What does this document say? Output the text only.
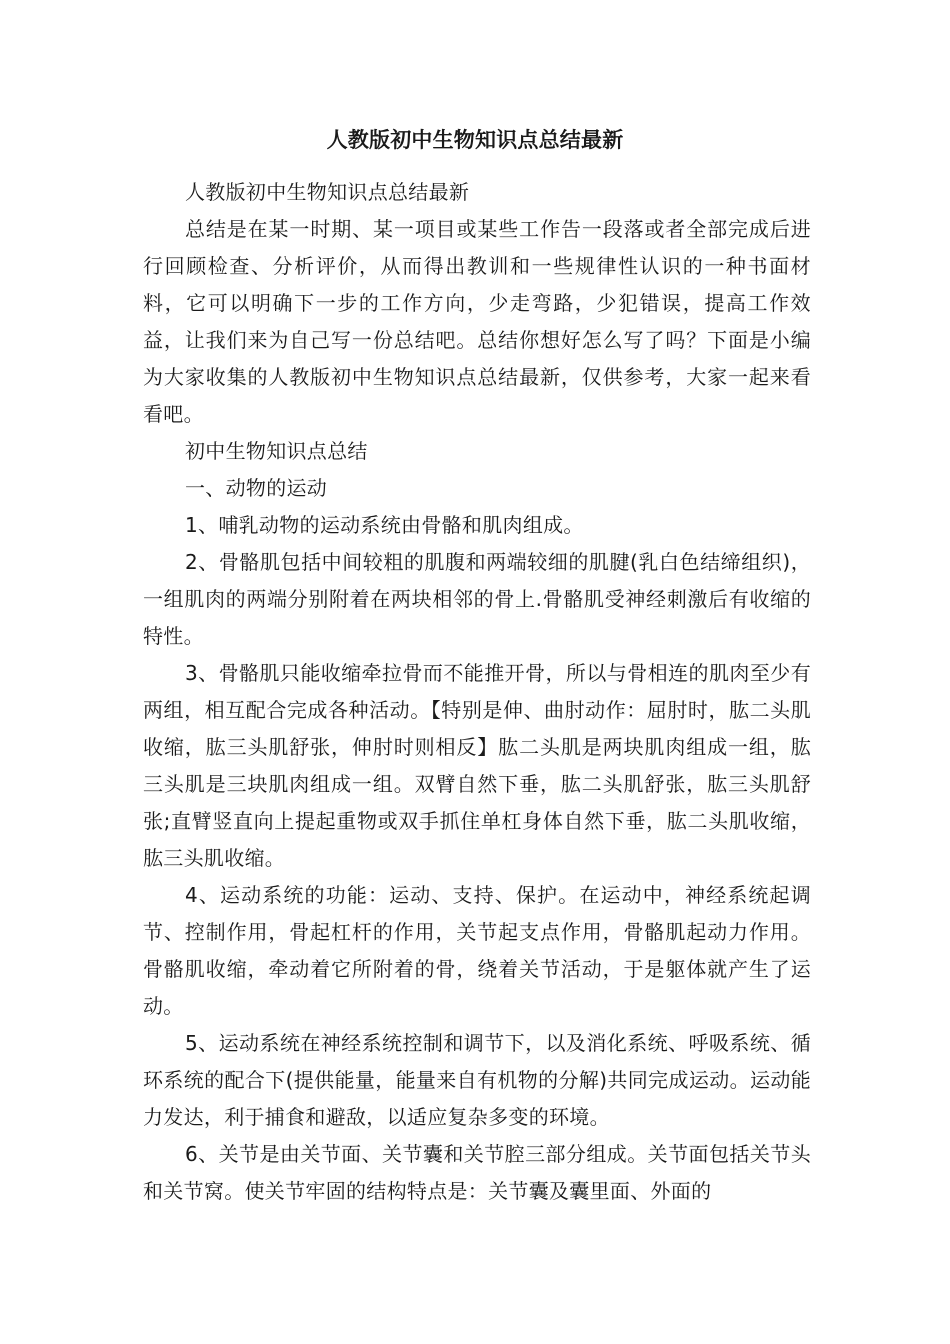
人教版初中生物知识点总结最新

人教版初中生物知识点总结最新

总结是在某一时期、某一项目或某些工作告一段落或者全部完成后进行回顾检查、分析评价，从而得出教训和一些规律性认识的一种书面材料，它可以明确下一步的工作方向，少走弯路，少犯错误，提高工作效益，让我们来为自己写一份总结吧。总结你想好怎么写了吗？下面是小编为大家收集的人教版初中生物知识点总结最新，仅供参考，大家一起来看看吧。

初中生物知识点总结

一、动物的运动

1、哺乳动物的运动系统由骨骼和肌肉组成。

2、骨骼肌包括中间较粗的肌腹和两端较细的肌腱(乳白色结缔组织)，一组肌肉的两端分别附着在两块相邻的骨上.骨骼肌受神经刺激后有收缩的特性。

3、骨骼肌只能收缩牵拉骨而不能推开骨，所以与骨相连的肌肉至少有两组，相互配合完成各种活动。【特别是伸、曲肘动作：屈肘时，肱二头肌收缩，肱三头肌舒张，伸肘时则相反】肱二头肌是两块肌肉组成一组，肱三头肌是三块肌肉组成一组。双臂自然下垂，肱二头肌舒张，肱三头肌舒张;直臂竖直向上提起重物或双手抓住单杠身体自然下垂，肱二头肌收缩，肱三头肌收缩。

4、运动系统的功能：运动、支持、保护。在运动中，神经系统起调节、控制作用，骨起杠杆的作用，关节起支点作用，骨骼肌起动力作用。骨骼肌收缩，牵动着它所附着的骨，绕着关节活动，于是躯体就产生了运动。

5、运动系统在神经系统控制和调节下，以及消化系统、呼吸系统、循环系统的配合下(提供能量，能量来自有机物的分解)共同完成运动。运动能力发达，利于捕食和避敌，以适应复杂多变的环境。

6、关节是由关节面、关节囊和关节腔三部分组成。关节面包括关节头和关节窝。使关节牢固的结构特点是：关节囊及囊里面、外面的
